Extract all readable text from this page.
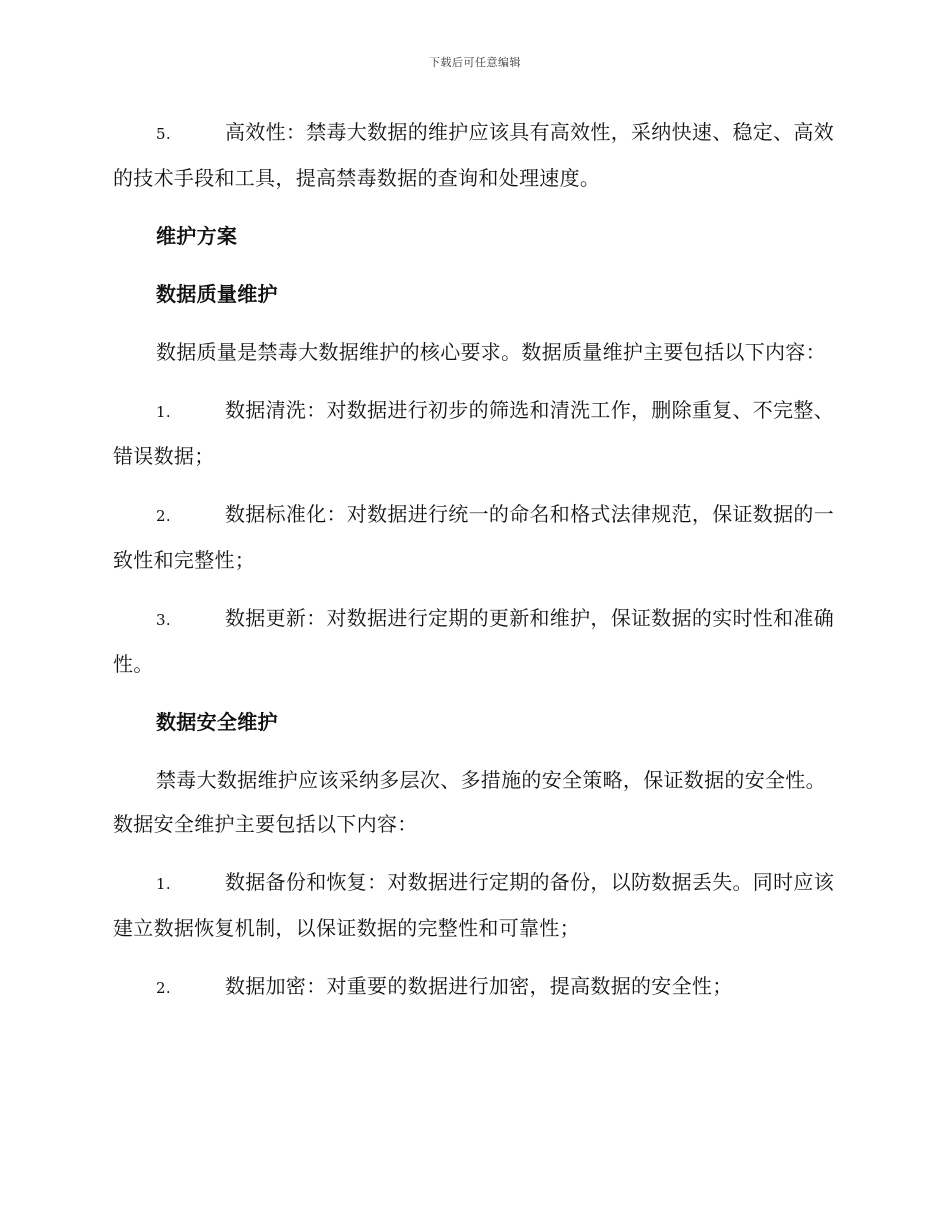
下载后可任意编辑

5.	高效性：禁毒大数据的维护应该具有高效性，采纳快速、稳定、高效的技术手段和工具，提高禁毒数据的查询和处理速度。

维护方案

数据质量维护

数据质量是禁毒大数据维护的核心要求。数据质量维护主要包括以下内容：

1.	数据清洗：对数据进行初步的筛选和清洗工作，删除重复、不完整、错误数据；

2.	数据标准化：对数据进行统一的命名和格式法律规范，保证数据的一致性和完整性；

3.	数据更新：对数据进行定期的更新和维护，保证数据的实时性和准确性。

数据安全维护

禁毒大数据维护应该采纳多层次、多措施的安全策略，保证数据的安全性。数据安全维护主要包括以下内容：

1.	数据备份和恢复：对数据进行定期的备份，以防数据丢失。同时应该建立数据恢复机制，以保证数据的完整性和可靠性；

2.	数据加密：对重要的数据进行加密，提高数据的安全性；
